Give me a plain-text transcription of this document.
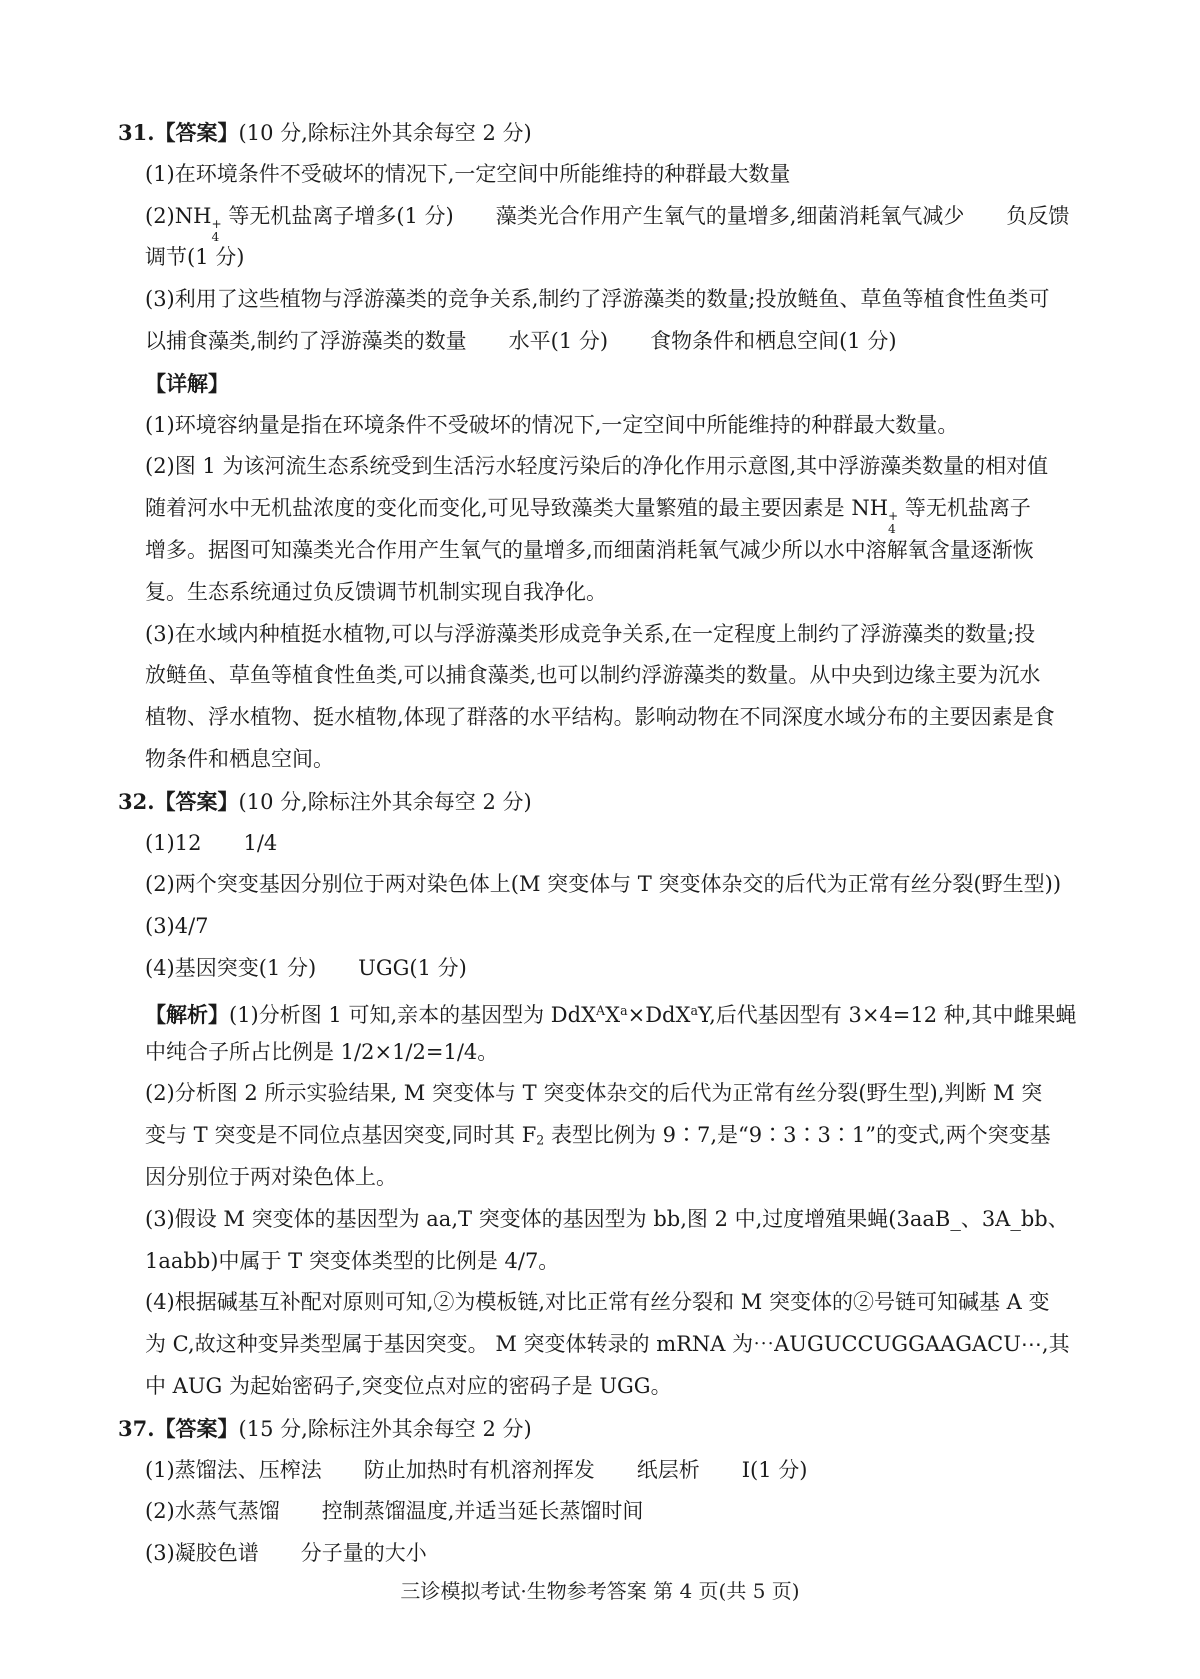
31.【答案】(10 分,除标注外其余每空 2 分)
(1)在环境条件不受破坏的情况下,一定空间中所能维持的种群最大数量
(2)NH +
4
等无机盐离子增多(1 分)　　藻类光合作用产生氧气的量增多,细菌消耗氧气减少　　负反馈
调节(1 分)
(3)利用了这些植物与浮游藻类的竞争关系,制约了浮游藻类的数量;投放鲢鱼、草鱼等植食性鱼类可
以捕食藻类,制约了浮游藻类的数量　　水平(1 分)　　食物条件和栖息空间(1 分)
【详解】
(1)环境容纳量是指在环境条件不受破坏的情况下,一定空间中所能维持的种群最大数量。
(2)图 1 为该河流生态系统受到生活污水轻度污染后的净化作用示意图,其中浮游藻类数量的相对值
随着河水中无机盐浓度的变化而变化,可见导致藻类大量繁殖的最主要因素是 NH +
4
等无机盐离子
增多。据图可知藻类光合作用产生氧气的量增多,而细菌消耗氧气减少所以水中溶解氧含量逐渐恢
复。生态系统通过负反馈调节机制实现自我净化。
(3)在水域内种植挺水植物,可以与浮游藻类形成竞争关系,在一定程度上制约了浮游藻类的数量;投
放鲢鱼、草鱼等植食性鱼类,可以捕食藻类,也可以制约浮游藻类的数量。从中央到边缘主要为沉水
植物、浮水植物、挺水植物,体现了群落的水平结构。影响动物在不同深度水域分布的主要因素是食
物条件和栖息空间。
32.【答案】(10 分,除标注外其余每空 2 分)
(1)12　　1/4
(2)两个突变基因分别位于两对染色体上(M 突变体与 T 突变体杂交的后代为正常有丝分裂(野生型))
(3)4/7
(4)基因突变(1 分)　　UGG(1 分)
【解析】(1)分析图 1 可知,亲本的基因型为 $DdX^AX^a\times DdX^aY$,后代基因型有 3×4=12 种,其中雌果蝇
中纯合子所占比例是 1/2×1/2=1/4。
(2)分析图 2 所示实验结果, M 突变体与 T 突变体杂交的后代为正常有丝分裂(野生型),判断 M 突
变与 T 突变是不同位点基因突变,同时其 F2 表型比例为 9∶7,是“9∶3∶3∶1”的变式,两个突变基
因分别位于两对染色体上。
(3)假设 M 突变体的基因型为 aa,T 突变体的基因型为 bb,图 2 中,过度增殖果蝇(3aaB_、3A_bb、
1aabb)中属于 T 突变体类型的比例是 4/7。
(4)根据碱基互补配对原则可知,②为模板链,对比正常有丝分裂和 M 突变体的②号链可知碱基 A 变
为 C,故这种变异类型属于基因突变。 M 突变体转录的 mRNA 为⋯AUGUCCUGGAAGACU⋯,其
中 AUG 为起始密码子,突变位点对应的密码子是 UGG。
37.【答案】(15 分,除标注外其余每空 2 分)
(1)蒸馏法、压榨法　　防止加热时有机溶剂挥发　　纸层析　　Ⅰ(1 分)
(2)水蒸气蒸馏　　控制蒸馏温度,并适当延长蒸馏时间
(3)凝胶色谱　　分子量的大小
三诊模拟考试·生物参考答案 第 4 页(共 5 页)
